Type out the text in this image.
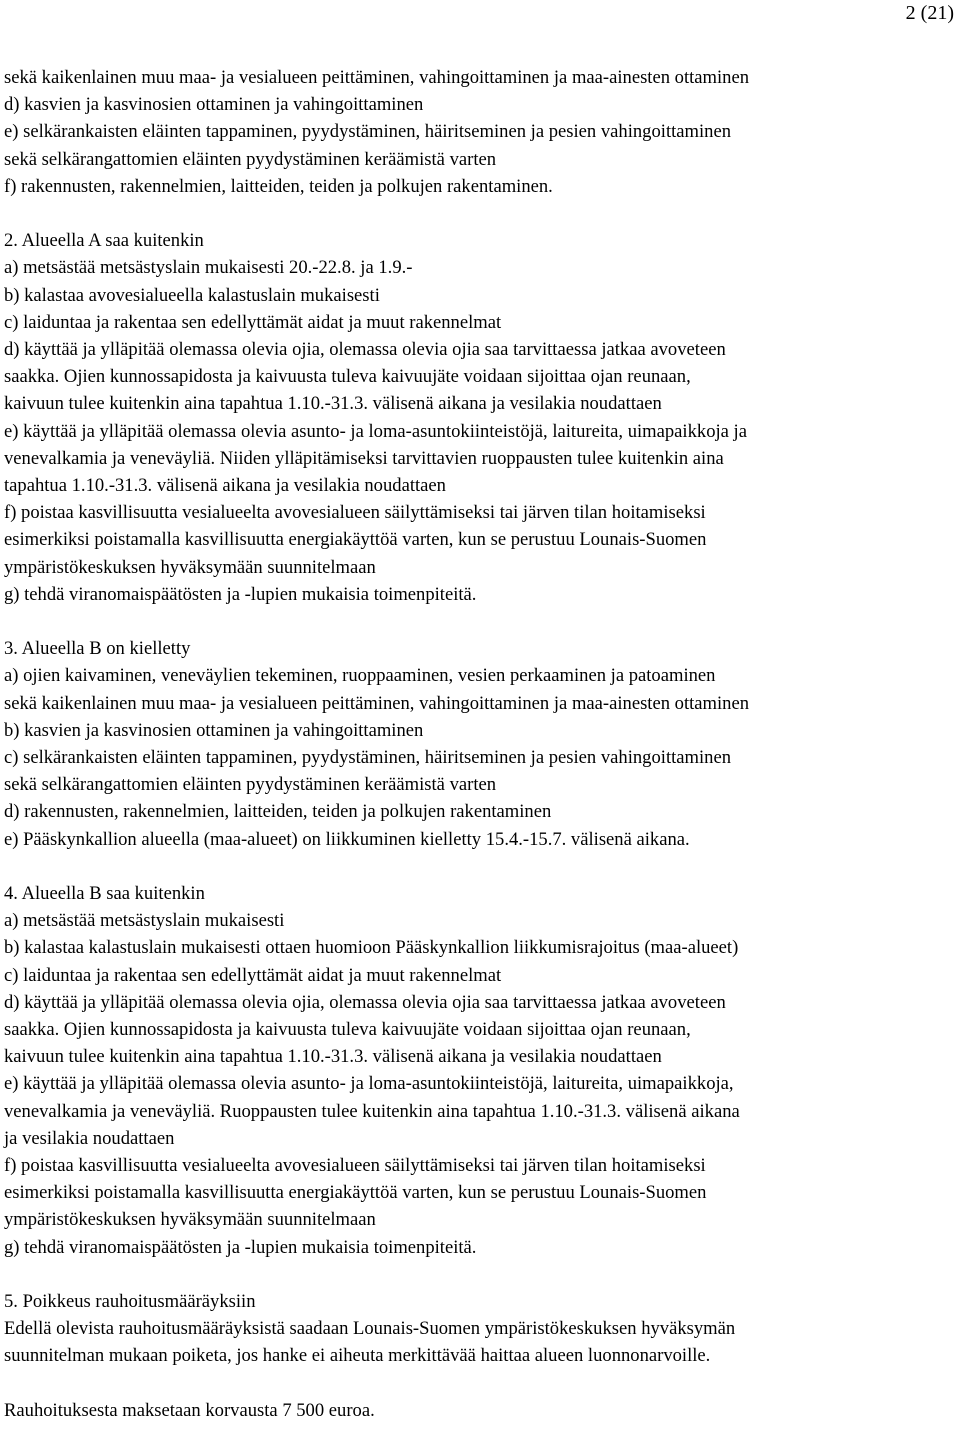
2 (21)
sekä kaikenlainen muu maa- ja vesialueen peittäminen, vahingoittaminen ja maa-ainesten ottaminen
d) kasvien ja kasvinosien ottaminen ja vahingoittaminen
e) selkärankaisten eläinten tappaminen, pyydystäminen, häiritseminen ja pesien vahingoittaminen
sekä selkärangattomien eläinten pyydystäminen keräämistä varten
f) rakennusten, rakennelmien, laitteiden, teiden ja polkujen rakentaminen.
2. Alueella A saa kuitenkin
a) metsästää metsästyslain mukaisesti 20.-22.8. ja 1.9.-
b) kalastaa avovesialueella kalastuslain mukaisesti
c) laiduntaa ja rakentaa sen edellyttämät aidat ja muut rakennelmat
d) käyttää ja ylläpitää olemassa olevia ojia, olemassa olevia ojia saa tarvittaessa jatkaa avoveteen
saakka. Ojien kunnossapidosta ja kaivuusta tuleva kaivuujäte voidaan sijoittaa ojan reunaan,
kaivuun tulee kuitenkin aina tapahtua 1.10.-31.3. välisenä aikana ja vesilakia noudattaen
e) käyttää ja ylläpitää olemassa olevia asunto- ja loma-asuntokiinteistöjä, laitureita, uimapaikkoja ja
venevalkamia ja veneväyliä. Niiden ylläpitämiseksi tarvittavien ruoppausten tulee kuitenkin aina
tapahtua 1.10.-31.3. välisenä aikana ja vesilakia noudattaen
f) poistaa kasvillisuutta vesialueelta avovesialueen säilyttämiseksi tai järven tilan hoitamiseksi
esimerkiksi poistamalla kasvillisuutta energiakäyttöä varten, kun se perustuu Lounais-Suomen
ympäristökeskuksen hyväksymään suunnitelmaan
g) tehdä viranomaispäätösten ja -lupien mukaisia toimenpiteitä.
3. Alueella B on kielletty
a) ojien kaivaminen, veneväylien tekeminen, ruoppaaminen, vesien perkaaminen ja patoaminen
sekä kaikenlainen muu maa- ja vesialueen peittäminen, vahingoittaminen ja maa-ainesten ottaminen
b) kasvien ja kasvinosien ottaminen ja vahingoittaminen
c) selkärankaisten eläinten tappaminen, pyydystäminen, häiritseminen ja pesien vahingoittaminen
sekä selkärangattomien eläinten pyydystäminen keräämistä varten
d) rakennusten, rakennelmien, laitteiden, teiden ja polkujen rakentaminen
e) Pääskynkallion alueella (maa-alueet) on liikkuminen kielletty 15.4.-15.7. välisenä aikana.
4. Alueella B saa kuitenkin
a) metsästää metsästyslain mukaisesti
b) kalastaa kalastuslain mukaisesti ottaen huomioon Pääskynkallion liikkumisrajoitus (maa-alueet)
c) laiduntaa ja rakentaa sen edellyttämät aidat ja muut rakennelmat
d) käyttää ja ylläpitää olemassa olevia ojia, olemassa olevia ojia saa tarvittaessa jatkaa avoveteen
saakka. Ojien kunnossapidosta ja kaivuusta tuleva kaivuujäte voidaan sijoittaa ojan reunaan,
kaivuun tulee kuitenkin aina tapahtua 1.10.-31.3. välisenä aikana ja vesilakia noudattaen
e) käyttää ja ylläpitää olemassa olevia asunto- ja loma-asuntokiinteistöjä, laitureita, uimapaikkoja,
venevalkamia ja veneväyliä. Ruoppausten tulee kuitenkin aina tapahtua 1.10.-31.3. välisenä aikana
ja vesilakia noudattaen
f) poistaa kasvillisuutta vesialueelta avovesialueen säilyttämiseksi tai järven tilan hoitamiseksi
esimerkiksi poistamalla kasvillisuutta energiakäyttöä varten, kun se perustuu Lounais-Suomen
ympäristökeskuksen hyväksymään suunnitelmaan
g) tehdä viranomaispäätösten ja -lupien mukaisia toimenpiteitä.
5. Poikkeus rauhoitusmääräyksiin
Edellä olevista rauhoitusmääräyksistä saadaan Lounais-Suomen ympäristökeskuksen hyväksymän
suunnitelman mukaan poiketa, jos hanke ei aiheuta merkittävää haittaa alueen luonnonarvoille.
Rauhoituksesta maksetaan korvausta 7 500 euroa.
